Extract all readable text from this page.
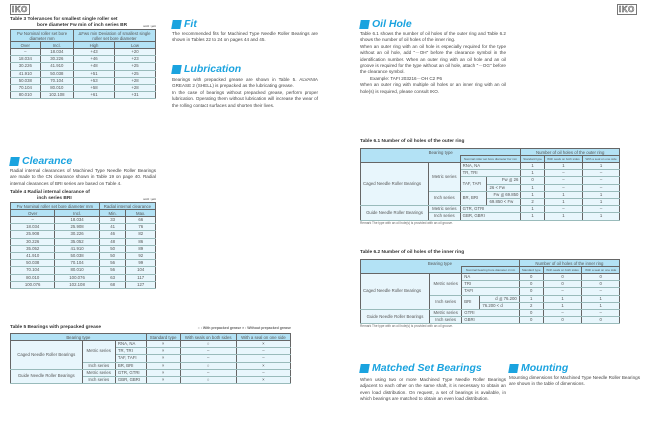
IKO	IKO
Table 3 Tolerances for smallest single roller set
bore diameter Fw min of inch series BR	unit : μm
Fw Nominal roller set bore diameter mm		ΔFws min Deviation of smallest single roller set bore diameter	
Over	Incl.	High	Low
–	18.034	+43	+20
18.034	30.226	+46	+23
30.226	41.910	+48	+25
41.910	50.038	+51	+25
50.038	70.104	+53	+28
70.104	80.010	+58	+28
80.010	102.108	+61	+31
Clearance
Radial internal clearances of Machined Type Needle Roller Bearings are made to the CN clearance shown in Table 19 on page 40. Radial internal clearances of BRI series are based on Table 4.
Table 4 Radial internal clearance of
inch series BRI	unit : μm
Fw Nominal roller set bore diameter mm		Radial internal clearance	
Over	Incl.	Min.	Max.
–	18.034	33	66
18.034	25.908	41	76
25.908	30.226	46	82
30.226	35.052	48	86
35.052	41.910	50	89
41.910	50.038	50	92
50.038	70.104	56	99
70.104	80.010	56	104
80.010	100.076	63	117
100.076	102.108	68	127
Table 5 Bearings with prepacked grease	○ : With prepacked grease × : Without prepacked grease
Bearing type			Standard type	With seals on both sides	With a seal on one side
Caged Needle Roller Bearings	Metric series	RNA, NA	×	○	×
		TR, TRI	×	–	–
		TAF, TAFI	×	–	–
	Inch series	BR, BRI	×	○	×
Guide Needle Roller Bearings	Metric series	GTR, GTRI	×	–	–
	Inch series	GBR, GBRI	×	○	×
Fit
The recommended fits for Machined Type Needle Roller Bearings are shown in Tables 22 to 24 on pages 44 and 45.
Lubrication
Bearings with prepacked grease are shown in Table 5. ALVANIA GREASE 2 (SHELL) is prepacked as the lubricating grease.
In the case of bearings without prepacked grease, perform proper lubrication. Operating them without lubrication will increase the wear of the rolling contact surfaces and shorten their lives.
Oil Hole
Table 6.1 shows the number of oil holes of the outer ring and Table 6.2 shows the number of oil holes of the inner ring.
When an outer ring with an oil hole is especially required for the type without an oil hole, add "－OH" before the clearance symbol in the identification number. When an outer ring with an oil hole and an oil groove is required for the type without an oil hole, attach "－OG" before the clearance symbol.
Example: TAFI 203216－OH C2 P6
When an outer ring with multiple oil holes or an inner ring with an oil hole(s) is required, please consult IKO.
Table 6.1 Number of oil holes of the outer ring
Bearing type				Number of oil holes of the outer ring		
		Nominal roller set bore diameter Fw mm		Standard type	With seals on both sides	With a seal on one side
Caged Needle Roller Bearings	Metric series	RNA, NA		1	1	1
		TR, TRI		1	–	–
		TAF, TAFI	Fw ≦ 26	0	–	–
			26 < Fw	1	–	–
	Inch series	BR, BRI	Fw ≦ 69.850	1	1	1
			69.850 < Fw	2	1	1
Guide Needle Roller Bearings	Metric series	GTR, GTRI		1	–	–
	Inch series	GBR, GBRI		1	1	1
Remark The type with an oil hole(s) is provided with an oil groove.
Table 6.2 Number of oil holes of the inner ring
Bearing type				Number of oil holes of the inner ring		
		Nominal bearing bore diameter d mm		Standard type	With seals on both sides	With a seal on one side
Caged Needle Roller Bearings	Metric series	NA		0	0	0
		TRI		0	0	0
		TAFI		0	–	–
	Inch series	BRI	d ≦ 76.200	1	1	1
			76.200 < d	2	1	1
Guide Needle Roller Bearings	Metric series	GTRI		0	–	–
	Inch series	GBRI		0	0	0
Remark The type with an oil hole(s) is provided with an oil groove.
Matched Set Bearings
When using two or more Machined Type Needle Roller Bearings adjacent to each other on the same shaft, it is necessary to obtain an even load distribution. On request, a set of bearings is available, in which bearings are matched to obtain an even load distribution.
Mounting
Mounting dimensions for Machined Type Needle Roller Bearings are shown in the table of dimensions.
